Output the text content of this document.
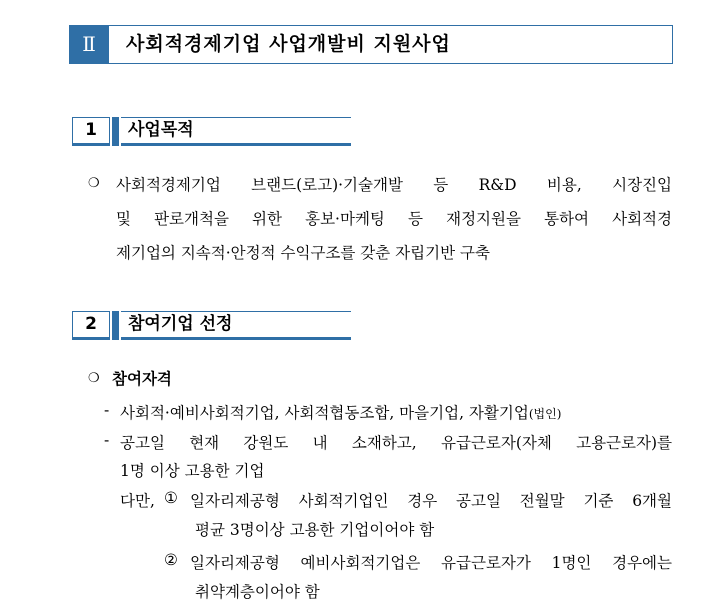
Ⅱ	사회적경제기업 사업개발비 지원사업
1	사업목적
❍ 사회적경제기업 브랜드(로고)·기술개발 등 R&D 비용, 시장진입
및 판로개척을 위한 홍보·마케팅 등 재정지원을 통하여 사회적경
제기업의 지속적·안정적 수익구조를 갖춘 자립기반 구축
2	참여기업 선정
❍ 참여자격
- 사회적·예비사회적기업, 사회적협동조합, 마을기업, 자활기업(법인)
- 공고일 현재 강원도 내 소재하고, 유급근로자(자체 고용근로자)를
1명 이상 고용한 기업
다만, ① 일자리제공형 사회적기업인 경우 공고일 전월말 기준 6개월
평균 3명이상 고용한 기업이어야 함
② 일자리제공형 예비사회적기업은 유급근로자가 1명인 경우에는
취약계층이어야 함
